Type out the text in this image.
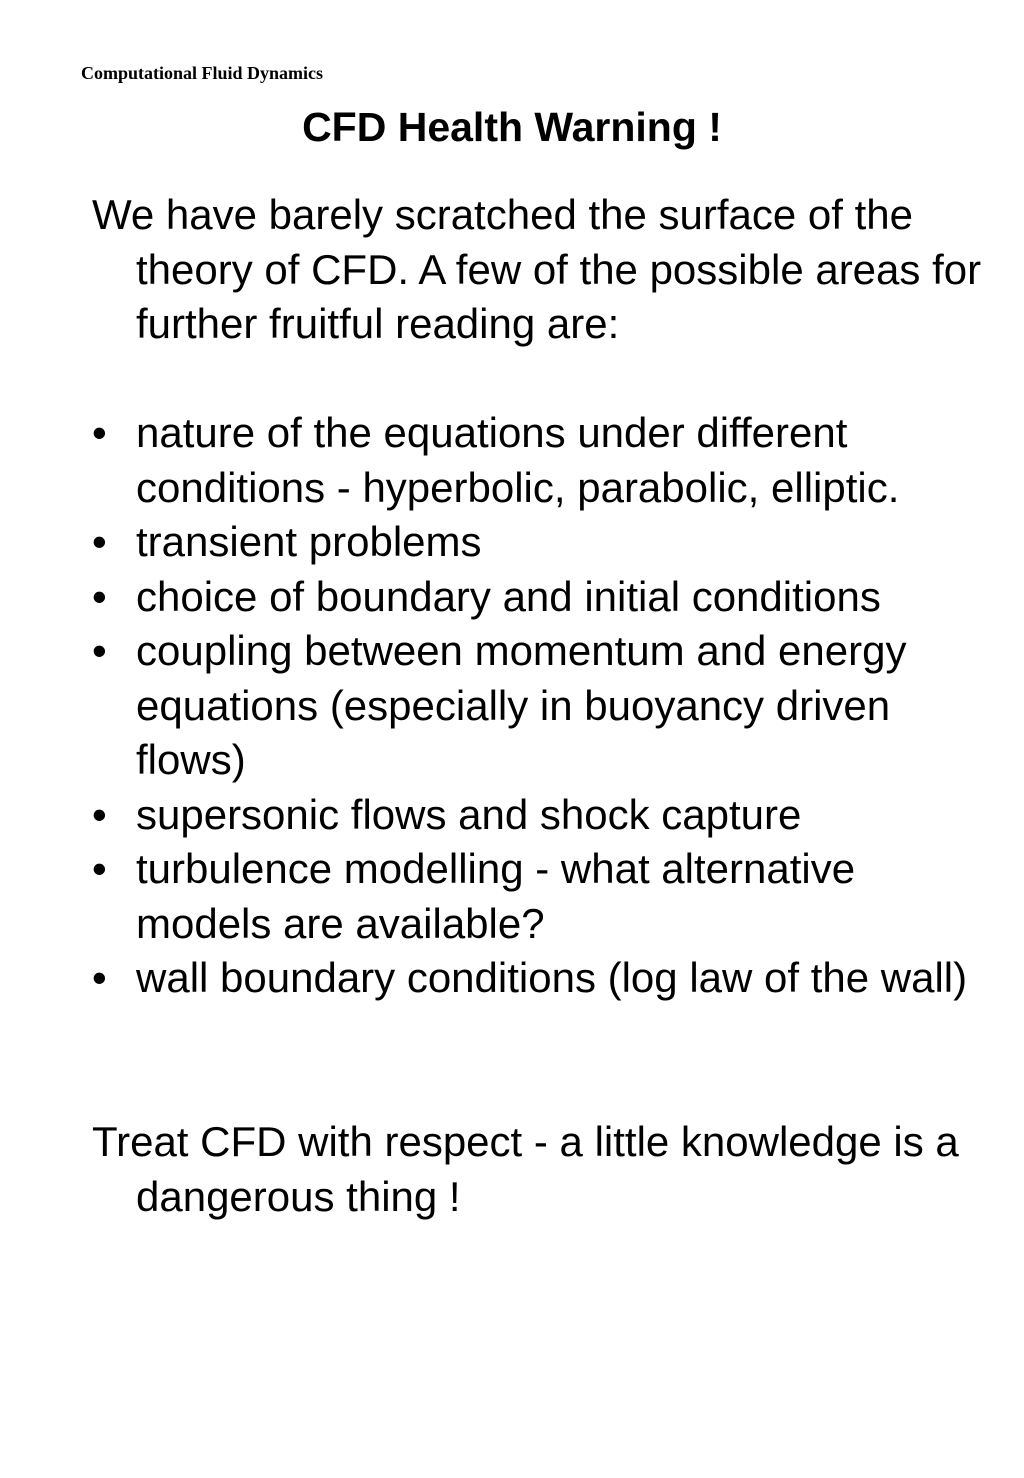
Computational Fluid Dynamics
CFD Health Warning !

We have barely scratched the surface of the theory of CFD. A few of the possible areas for further fruitful reading are:

• nature of the equations under different conditions - hyperbolic, parabolic, elliptic.
• transient problems
• choice of boundary and initial conditions
• coupling between momentum and energy equations (especially in buoyancy driven flows)
• supersonic flows and shock capture
• turbulence modelling - what alternative models are available?
• wall boundary conditions (log law of the wall)

Treat CFD with respect - a little knowledge is a dangerous thing !
